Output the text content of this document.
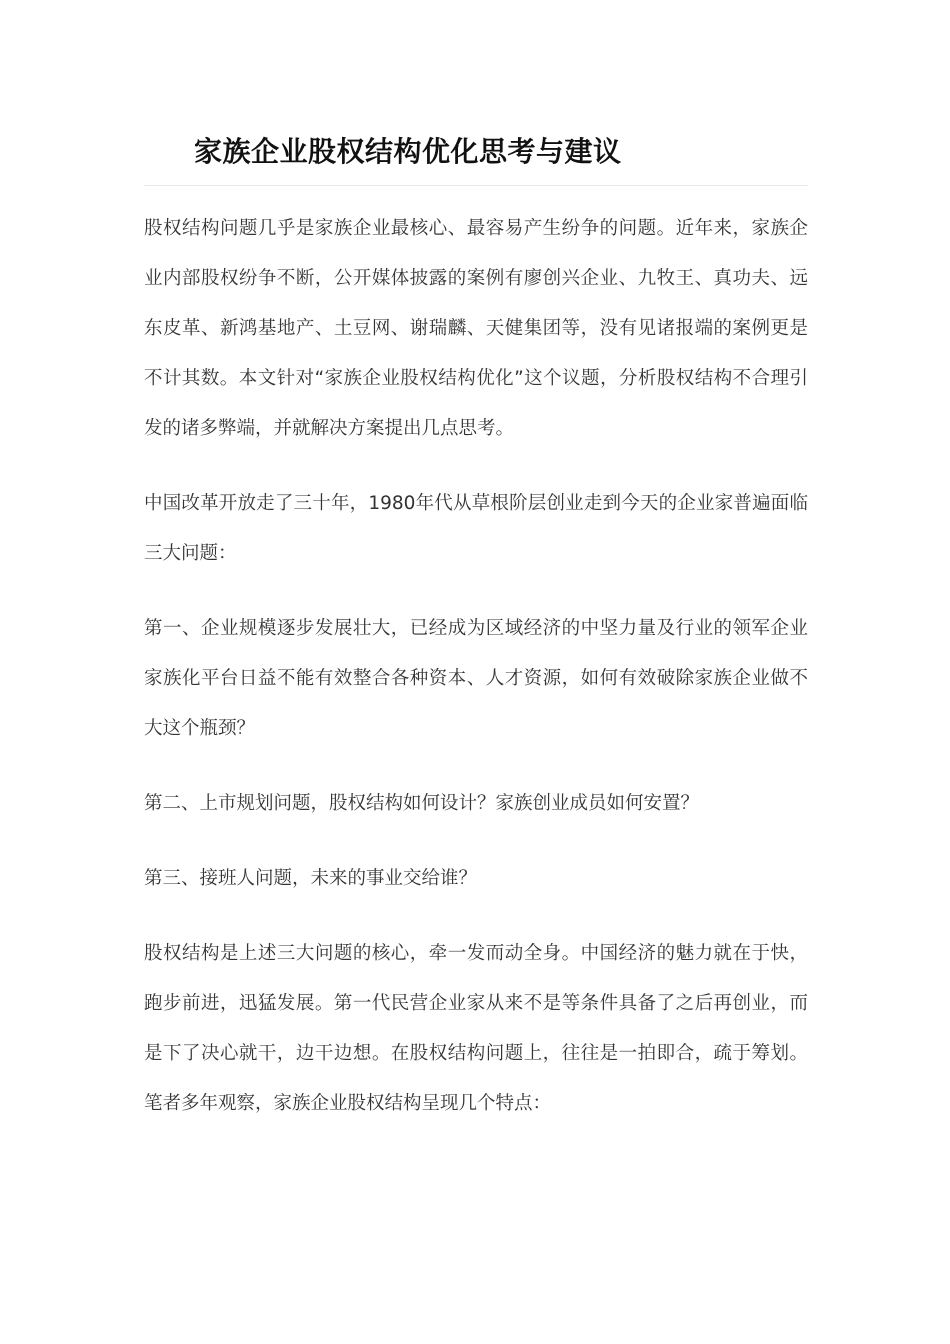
家族企业股权结构优化思考与建议

股权结构问题几乎是家族企业最核心、最容易产生纷争的问题。近年来，家族企业内部股权纷争不断，公开媒体披露的案例有廖创兴企业、九牧王、真功夫、远东皮革、新鸿基地产、土豆网、谢瑞麟、天健集团等，没有见诸报端的案例更是不计其数。本文针对“家族企业股权结构优化”这个议题，分析股权结构不合理引发的诸多弊端，并就解决方案提出几点思考。

中国改革开放走了三十年，1980年代从草根阶层创业走到今天的企业家普遍面临三大问题：

第一、企业规模逐步发展壮大，已经成为区域经济的中坚力量及行业的领军企业家族化平台日益不能有效整合各种资本、人才资源，如何有效破除家族企业做不大这个瓶颈？

第二、上市规划问题，股权结构如何设计？家族创业成员如何安置？

第三、接班人问题，未来的事业交给谁？

股权结构是上述三大问题的核心，牵一发而动全身。中国经济的魅力就在于快，跑步前进，迅猛发展。第一代民营企业家从来不是等条件具备了之后再创业，而是下了决心就干，边干边想。在股权结构问题上，往往是一拍即合，疏于筹划。笔者多年观察，家族企业股权结构呈现几个特点：
